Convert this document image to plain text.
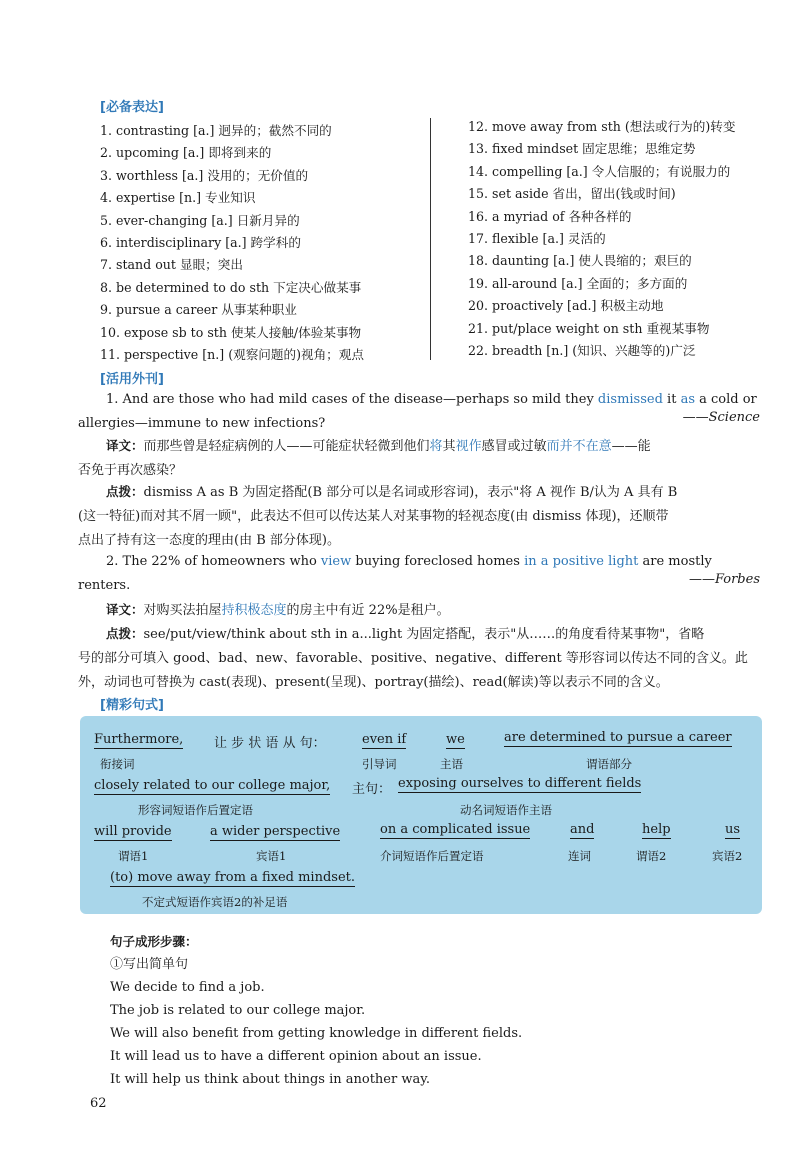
[必备表达]
1. contrasting [a.] 迥异的；截然不同的
2. upcoming [a.] 即将到来的
3. worthless [a.] 没用的；无价值的
4. expertise [n.] 专业知识
5. ever-changing [a.] 日新月异的
6. interdisciplinary [a.] 跨学科的
7. stand out 显眼；突出
8. be determined to do sth 下定决心做某事
9. pursue a career 从事某种职业
10. expose sb to sth 使某人接触/体验某事物
11. perspective [n.] (观察问题的)视角；观点
12. move away from sth (想法或行为的)转变
13. fixed mindset 固定思维；思维定势
14. compelling [a.] 令人信服的；有说服力的
15. set aside 省出，留出(钱或时间)
16. a myriad of 各种各样的
17. flexible [a.] 灵活的
18. daunting [a.] 使人畏缩的；艰巨的
19. all-around [a.] 全面的；多方面的
20. proactively [ad.] 积极主动地
21. put/place weight on sth 重视某事物
22. breadth [n.] (知识、兴趣等的)广泛
[活用外刊]
1. And are those who had mild cases of the disease—perhaps so mild they dismissed it as a cold or
allergies—immune to new infections?	——Science
译文：而那些曾是轻症病例的人——可能症状轻微到他们将其视作感冒或过敏而并不在意——能
否免于再次感染？
点拨：dismiss A as B 为固定搭配(B 部分可以是名词或形容词)，表示"将 A 视作 B/认为 A 具有 B
(这一特征)而对其不屑一顾"，此表达不但可以传达某人对某事物的轻视态度(由 dismiss 体现)，还顺带
点出了持有这一态度的理由(由 B 部分体现)。
2. The 22% of homeowners who view buying foreclosed homes in a positive light are mostly renters.	——Forbes
译文：对购买法拍屋持积极态度的房主中有近 22%是租户。
点拨：see/put/view/think about sth in a...light 为固定搭配，表示"从……的角度看待某事物"，省略
号的部分可填入 good、bad、new、favorable、positive、negative、different 等形容词以传达不同的含义。此
外，动词也可替换为 cast(表现)、present(呈现)、portray(描绘)、read(解读)等以表示不同的含义。
[精彩句式]
Furthermore,
衔接词
让 步 状 语 从 句：	even if
引导词
we
主语
are determined to pursue a career
谓语部分
closely related to our college major,
形容词短语作后置定语
主句： exposing ourselves to different fields
动名词短语作主语
will provide
谓语1
a wider perspective
宾语1
on a complicated issue
介词短语作后置定语
and
连词
help
谓语2
us
宾语2
(to) move away from a fixed mindset.
不定式短语作宾语2的补足语
句子成形步骤：
①写出简单句
We decide to find a job.
The job is related to our college major.
We will also benefit from getting knowledge in different fields.
It will lead us to have a different opinion about an issue.
It will help us think about things in another way.
62
